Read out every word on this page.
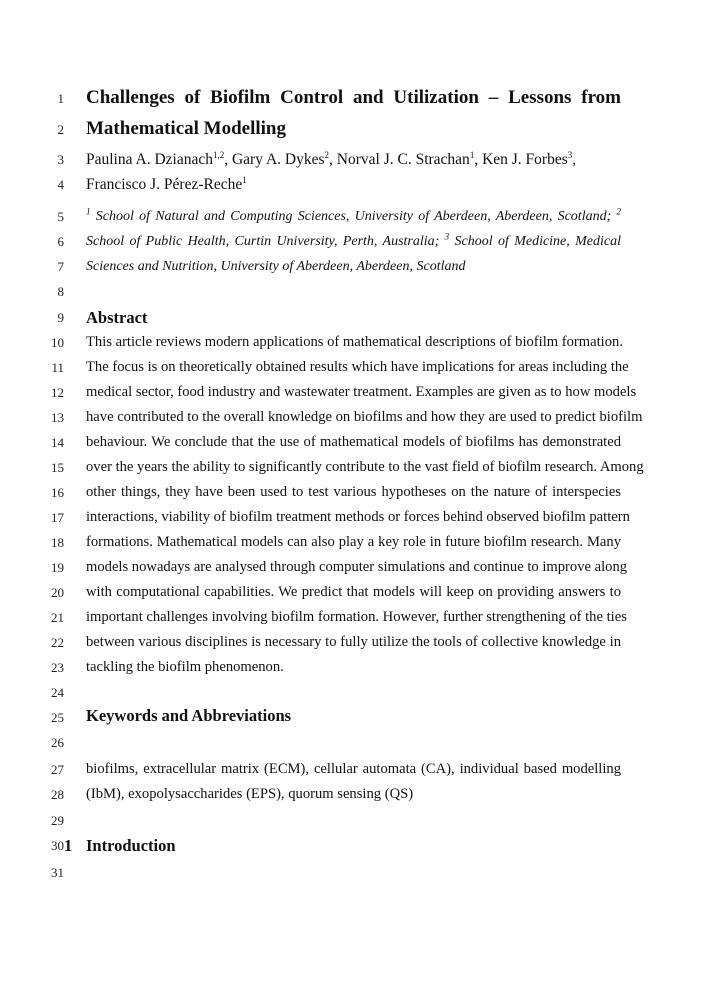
1
2
3
4
5
6
7
8
9
10
11
12
13
14
15
16
17
18
19
20
21
22
23
24
25
26
27
28
29
30
31
Challenges of Biofilm Control and Utilization – Lessons from
Mathematical Modelling
Paulina A. Dzianach$^{1,2}$, Gary A. Dykes$^2$, Norval J. C. Strachan$^1$, Ken J. Forbes$^3$,
Francisco J. Pérez-Reche$^1$
$^1$ School of Natural and Computing Sciences, University of Aberdeen, Aberdeen, Scotland; $^2$
School of Public Health, Curtin University, Perth, Australia; $^3$ School of Medicine, Medical
Sciences and Nutrition, University of Aberdeen, Aberdeen, Scotland
Abstract
This article reviews modern applications of mathematical descriptions of biofilm formation.
The focus is on theoretically obtained results which have implications for areas including the
medical sector, food industry and wastewater treatment. Examples are given as to how models
have contributed to the overall knowledge on biofilms and how they are used to predict biofilm
behaviour. We conclude that the use of mathematical models of biofilms has demonstrated
over the years the ability to significantly contribute to the vast field of biofilm research. Among
other things, they have been used to test various hypotheses on the nature of interspecies
interactions, viability of biofilm treatment methods or forces behind observed biofilm pattern
formations. Mathematical models can also play a key role in future biofilm research. Many
models nowadays are analysed through computer simulations and continue to improve along
with computational capabilities. We predict that models will keep on providing answers to
important challenges involving biofilm formation. However, further strengthening of the ties
between various disciplines is necessary to fully utilize the tools of collective knowledge in
tackling the biofilm phenomenon.
Keywords and Abbreviations
biofilms, extracellular matrix (ECM), cellular automata (CA), individual based modelling
(IbM), exopolysaccharides (EPS), quorum sensing (QS)
1 Introduction
